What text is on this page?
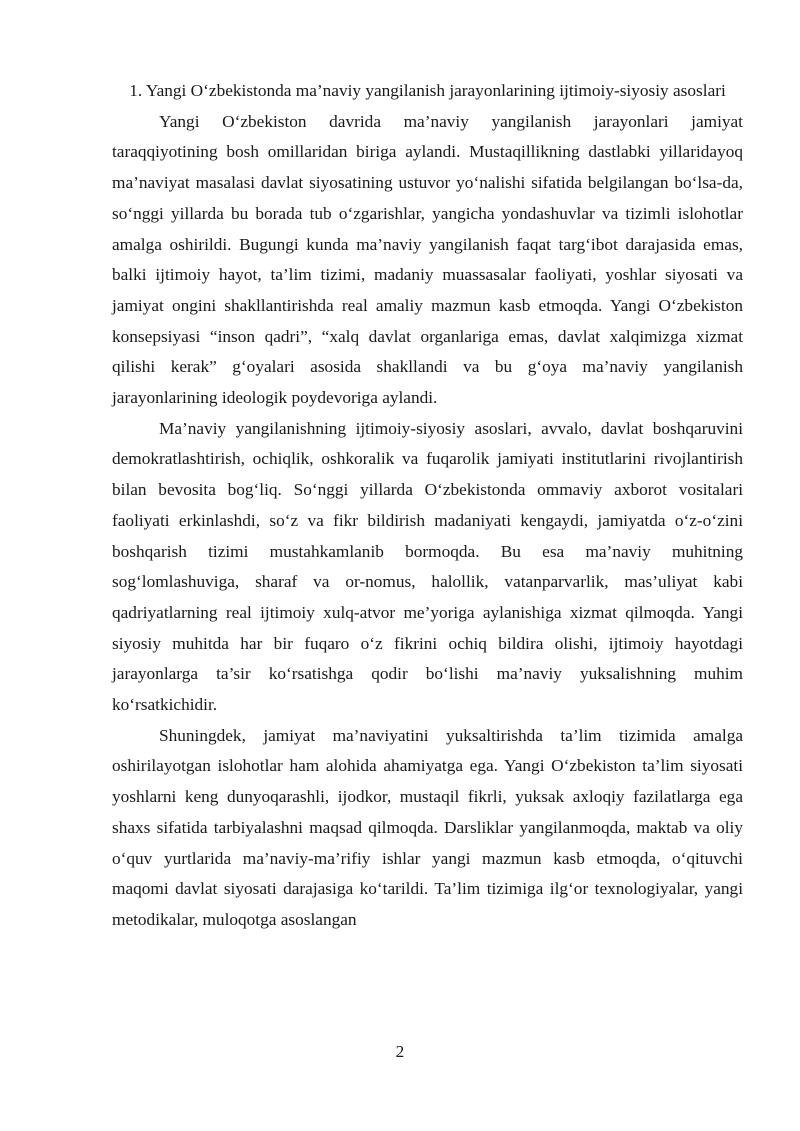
1. Yangi O‘zbekistonda ma’naviy yangilanish jarayonlarining ijtimoiy-siyosiy asoslari

Yangi O‘zbekiston davrida ma’naviy yangilanish jarayonlari jamiyat taraqqiyotining bosh omillaridan biriga aylandi. Mustaqillikning dastlabki yillaridayoq ma’naviyat masalasi davlat siyosatining ustuvor yo‘nalishi sifatida belgilangan bo‘lsa-da, so‘nggi yillarda bu borada tub o‘zgarishlar, yangicha yondashuvlar va tizimli islohotlar amalga oshirildi. Bugungi kunda ma’naviy yangilanish faqat targ‘ibot darajasida emas, balki ijtimoiy hayot, ta’lim tizimi, madaniy muassasalar faoliyati, yoshlar siyosati va jamiyat ongini shakllantirishda real amaliy mazmun kasb etmoqda. Yangi O‘zbekiston konsepsiyasi “inson qadri”, “xalq davlat organlariga emas, davlat xalqimizga xizmat qilishi kerak” g‘oyalari asosida shakllandi va bu g‘oya ma’naviy yangilanish jarayonlarining ideologik poydevoriga aylandi.

Ma’naviy yangilanishning ijtimoiy-siyosiy asoslari, avvalo, davlat boshqaruvini demokratlashtirish, ochiqlik, oshkoralik va fuqarolik jamiyati institutlarini rivojlantirish bilan bevosita bog‘liq. So‘nggi yillarda O‘zbekistonda ommaviy axborot vositalari faoliyati erkinlashdi, so‘z va fikr bildirish madaniyati kengaydi, jamiyatda o‘z-o‘zini boshqarish tizimi mustahkamlanib bormoqda. Bu esa ma’naviy muhitning sog‘lomlashuviga, sharaf va or-nomus, halollik, vatanparvarlik, mas’uliyat kabi qadriyatlarning real ijtimoiy xulq-atvor me’yoriga aylanishiga xizmat qilmoqda. Yangi siyosiy muhitda har bir fuqaro o‘z fikrini ochiq bildira olishi, ijtimoiy hayotdagi jarayonlarga ta’sir ko‘rsatishga qodir bo‘lishi ma’naviy yuksalishning muhim ko‘rsatkichidir.

Shuningdek, jamiyat ma’naviyatini yuksaltirishda ta’lim tizimida amalga oshirilayotgan islohotlar ham alohida ahamiyatga ega. Yangi O‘zbekiston ta’lim siyosati yoshlarni keng dunyoqarashli, ijodkor, mustaqil fikrli, yuksak axloqiy fazilatlarga ega shaxs sifatida tarbiyalashni maqsad qilmoqda. Darsliklar yangilanmoqda, maktab va oliy o‘quv yurtlarida ma’naviy-ma’rifiy ishlar yangi mazmun kasb etmoqda, o‘qituvchi maqomi davlat siyosati darajasiga ko‘tarildi. Ta’lim tizimiga ilg‘or texnologiyalar, yangi metodikalar, muloqotga asoslangan

2
